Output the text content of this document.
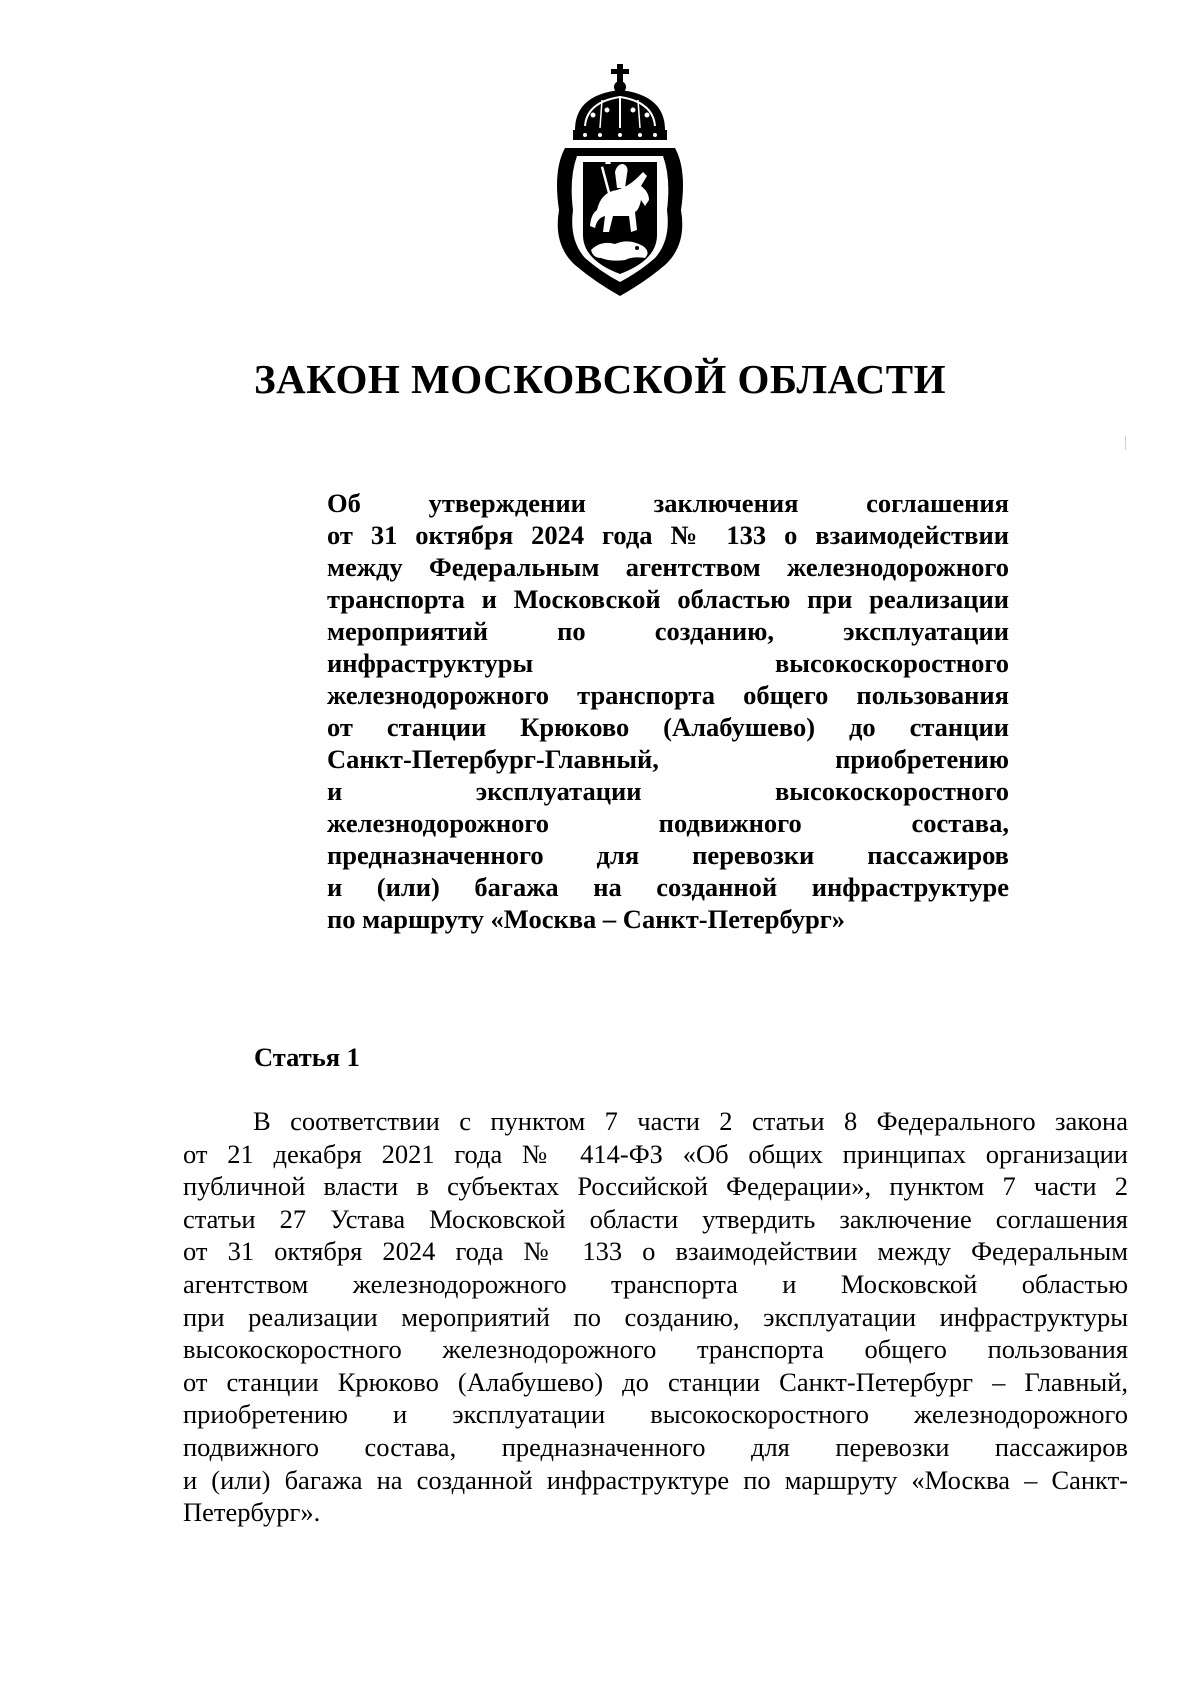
ЗАКОН МОСКОВСКОЙ ОБЛАСТИ
Об утверждении заключения соглашения
от 31 октября 2024 года № 133 о взаимодействии
между Федеральным агентством железнодорожного
транспорта и Московской областью при реализации
мероприятий по созданию, эксплуатации
инфраструктуры высокоскоростного
железнодорожного транспорта общего пользования
от станции Крюково (Алабушево) до станции
Санкт-Петербург-Главный, приобретению
и эксплуатации высокоскоростного
железнодорожного подвижного состава,
предназначенного для перевозки пассажиров
и (или) багажа на созданной инфраструктуре
по маршруту «Москва – Санкт-Петербург»
Статья 1
В соответствии с пунктом 7 части 2 статьи 8 Федерального закона
от 21 декабря 2021 года № 414-ФЗ «Об общих принципах организации
публичной власти в субъектах Российской Федерации», пунктом 7 части 2
статьи 27 Устава Московской области утвердить заключение соглашения
от 31 октября 2024 года № 133 о взаимодействии между Федеральным
агентством железнодорожного транспорта и Московской областью
при реализации мероприятий по созданию, эксплуатации инфраструктуры
высокоскоростного железнодорожного транспорта общего пользования
от станции Крюково (Алабушево) до станции Санкт-Петербург – Главный,
приобретению и эксплуатации высокоскоростного железнодорожного
подвижного состава, предназначенного для перевозки пассажиров
и (или) багажа на созданной инфраструктуре по маршруту «Москва – Санкт-
Петербург».
